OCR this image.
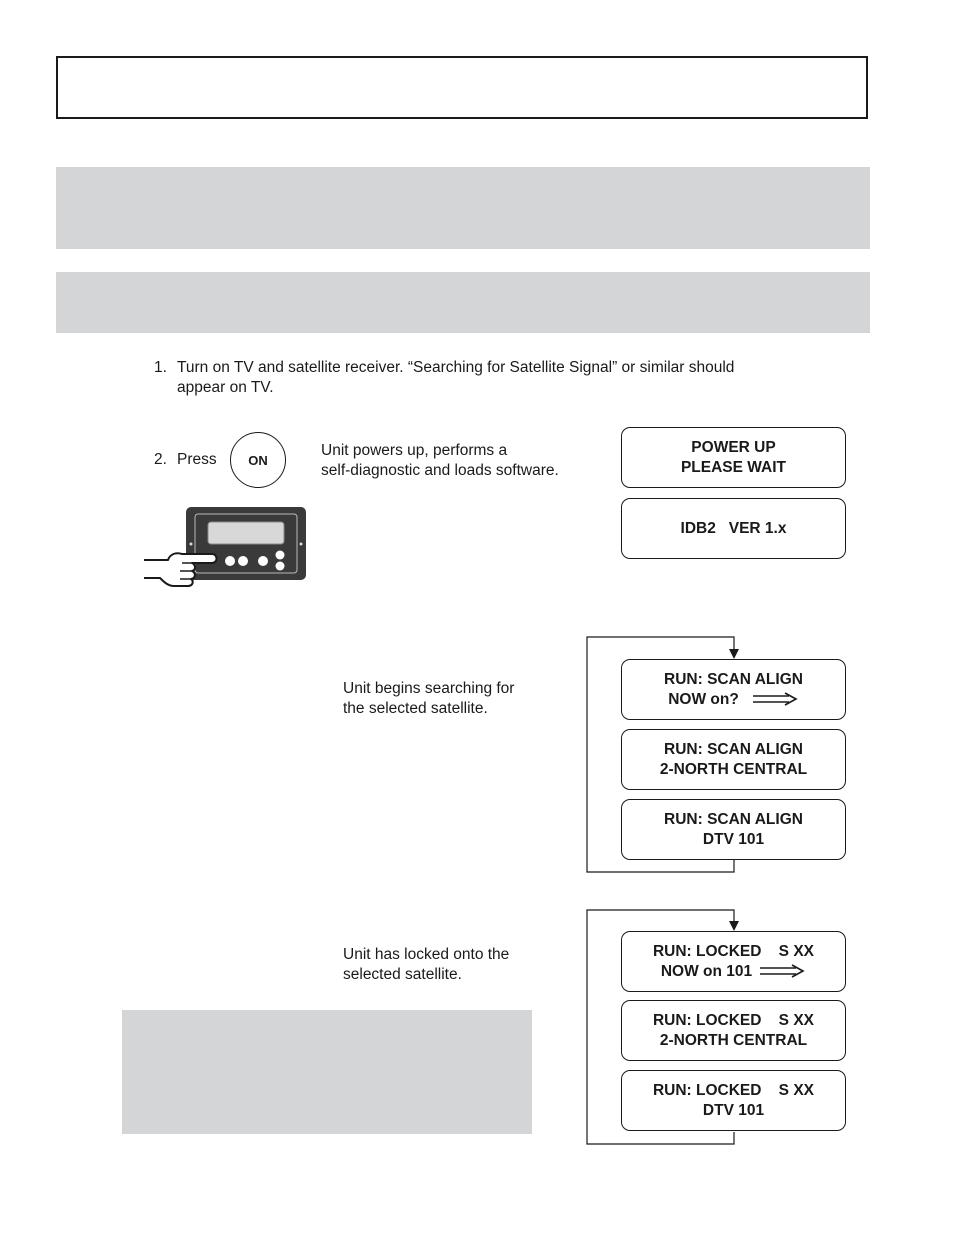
1. Turn on TV and satellite receiver. “Searching for Satellite Signal” or similar should
appear on TV.
2. Press	ON
Unit powers up, performs a
self-diagnostic and loads software.
POWER UP
PLEASE WAIT
IDB2   VER 1.x
Unit begins searching for
the selected satellite.
RUN: SCAN ALIGN
NOW on?
RUN: SCAN ALIGN
2-NORTH CENTRAL
RUN: SCAN ALIGN
DTV 101
Unit has locked onto the
selected satellite.
RUN: LOCKED    S XX
NOW on 101
RUN: LOCKED    S XX
2-NORTH CENTRAL
RUN: LOCKED    S XX
DTV 101
